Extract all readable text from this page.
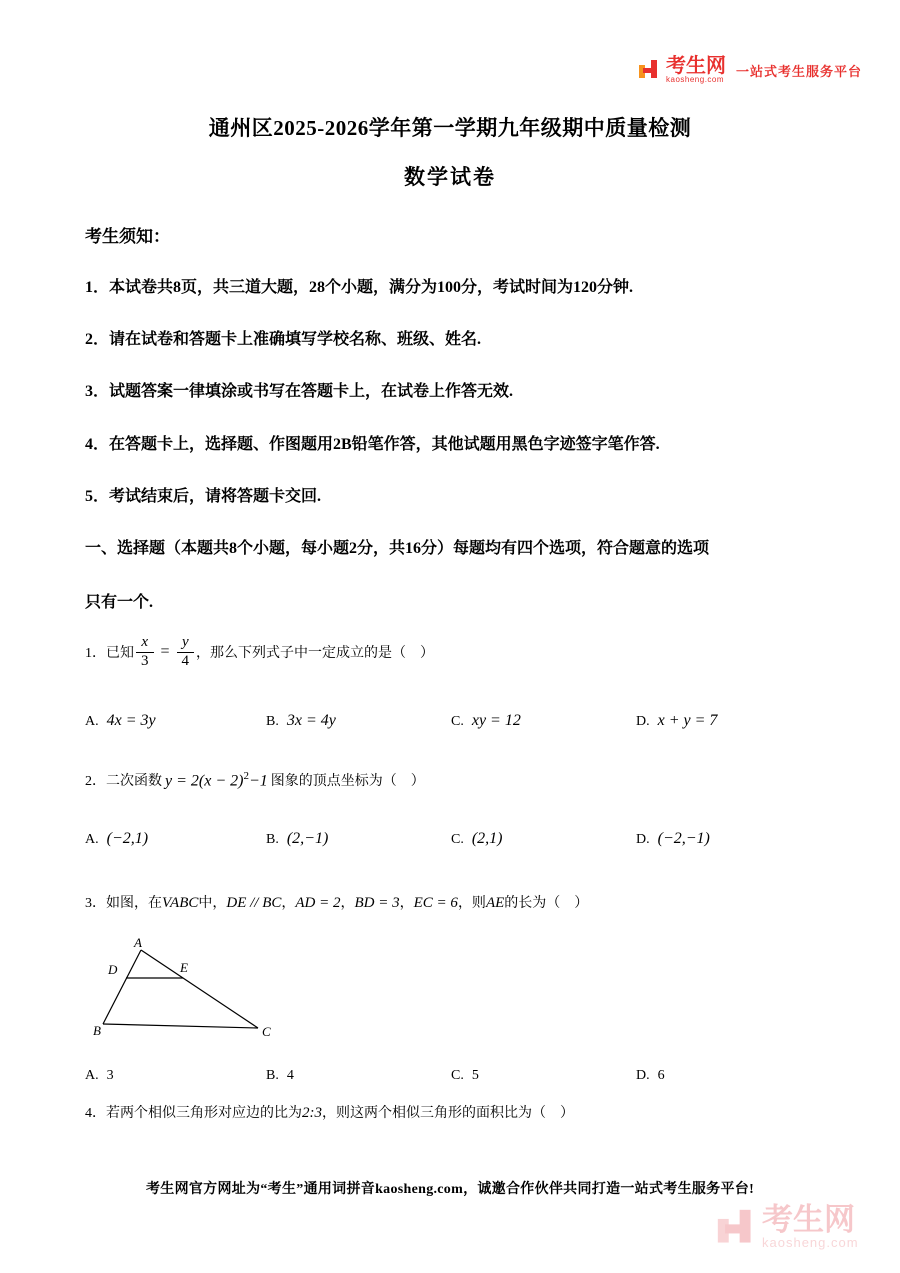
考生网
kaosheng.com
一站式考生服务平台
通州区2025-2026学年第一学期九年级期中质量检测
数学试卷
考生须知：
1．本试卷共8页，共三道大题，28个小题，满分为100分，考试时间为120分钟.
2．请在试卷和答题卡上准确填写学校名称、班级、姓名.
3．试题答案一律填涂或书写在答题卡上，在试卷上作答无效.
4．在答题卡上，选择题、作图题用2B铅笔作答，其他试题用黑色字迹签字笔作答.
5．考试结束后，请将答题卡交回.
一、选择题（本题共8个小题，每小题2分，共16分）每题均有四个选项，符合题意的选项
只有一个.
1．已知 $\frac{x}{3} = \frac{y}{4}$ ，那么下列式子中一定成立的是（　）
A. 4x = 3y	B. 3x = 4y	C. xy = 12	D. x + y = 7
2．二次函数 $y = 2(x - 2)^2-1$ 图象的顶点坐标为（　）
A. (−2,1)	B. (2,−1)	C. (2,1)	D. (−2,−1)
3．如图，在VABC中，DE // BC，AD = 2，BD = 3，EC = 6，则AE的长为（　）
A
D	E
B	C
A. 3	B. 4	C. 5	D. 6
4．若两个相似三角形对应边的比为2:3，则这两个相似三角形的面积比为（　）
考生网官方网址为“考生”通用词拼音kaosheng.com，诚邀合作伙伴共同打造一站式考生服务平台!
考生网
kaosheng.com
